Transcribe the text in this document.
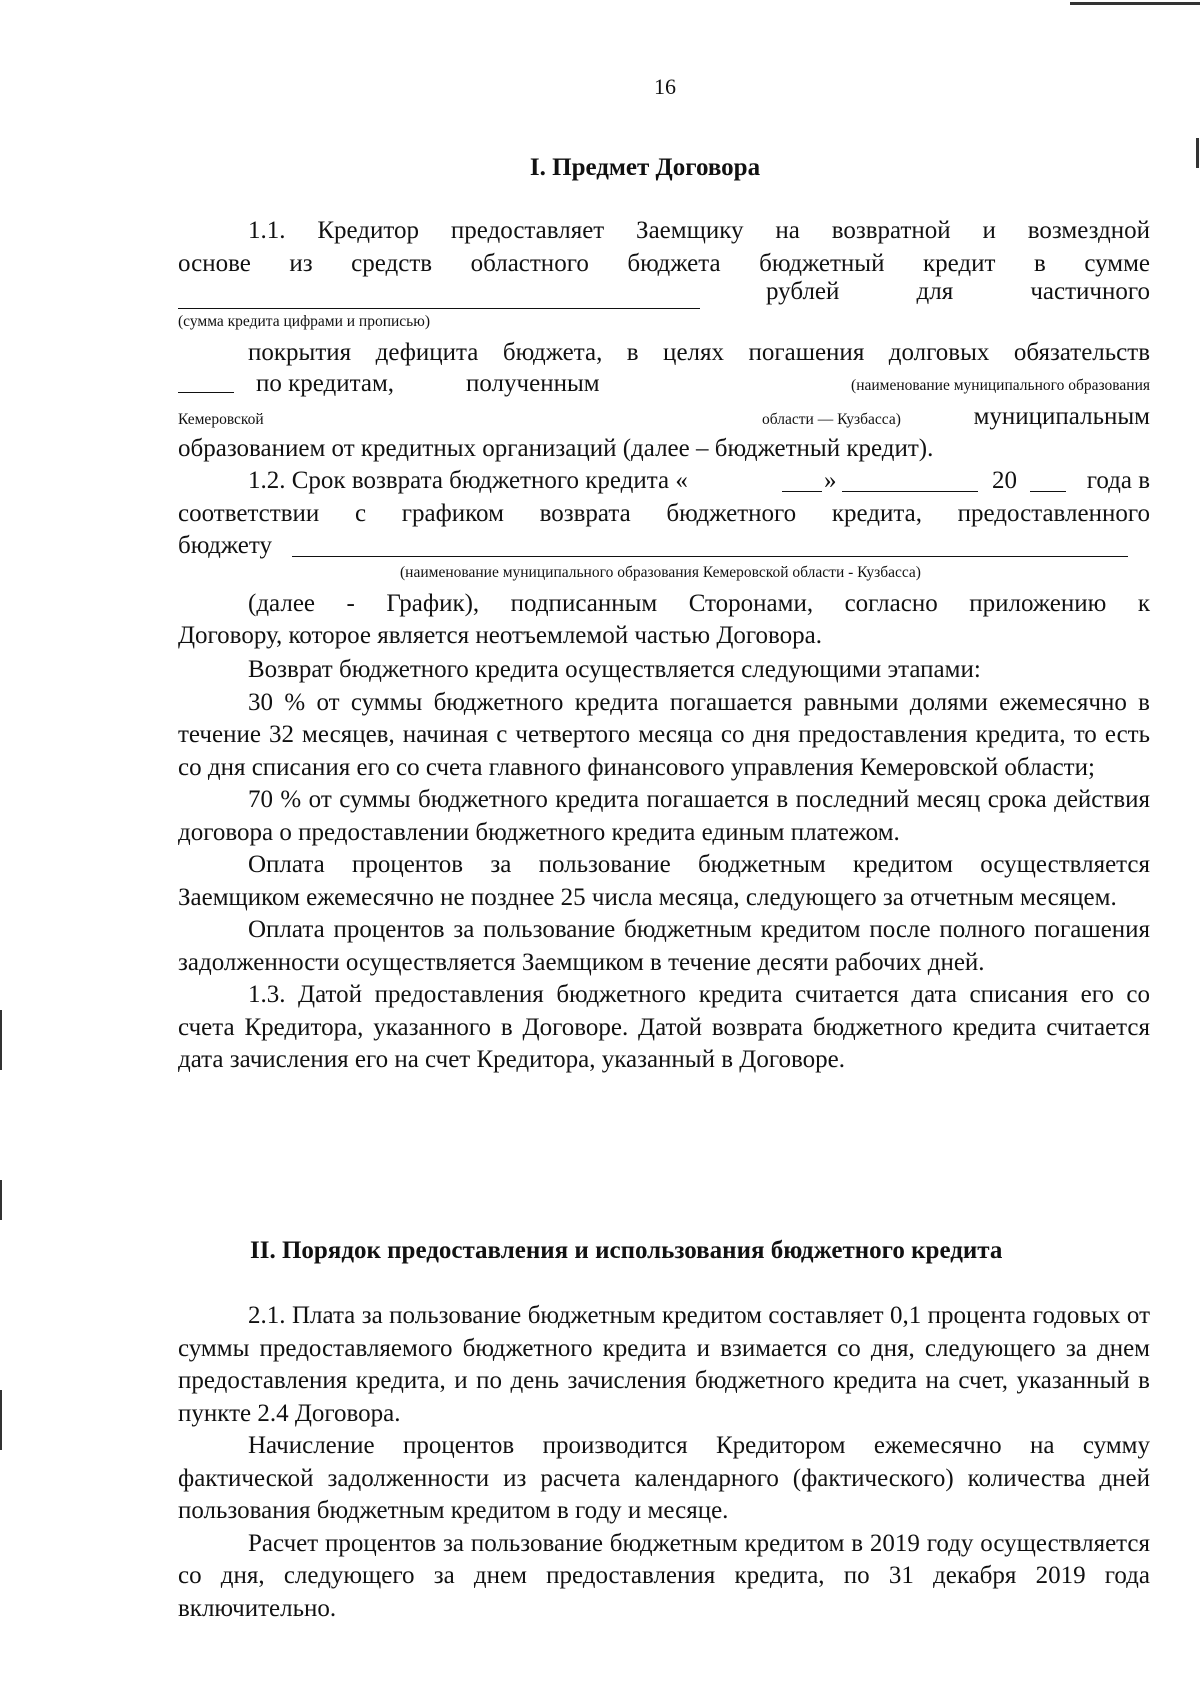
16
I. Предмет Договора
1.1. Кредитор предоставляет Заемщику на возвратной и возмездной
основе из средств областного бюджета бюджетный кредит в сумме
рублей для частичного
(сумма кредита цифрами и прописью)
покрытия дефицита бюджета, в целях погашения долговых обязательств
по кредитам,	полученным	(наименование муниципального образования
Кемеровской	области — Кузбасса)	муниципальным
образованием от кредитных организаций (далее – бюджетный кредит).
1.2. Срок возврата бюджетного кредита «	»	20	года в
соответствии с графиком возврата бюджетного кредита, предоставленного
бюджету
(наименование муниципального образования Кемеровской области - Кузбасса)
(далее - График), подписанным Сторонами, согласно приложению к
Договору, которое является неотъемлемой частью Договора.
Возврат бюджетного кредита осуществляется следующими этапами:
30 % от суммы бюджетного кредита погашается равными долями ежемесячно в течение 32 месяцев, начиная с четвертого месяца со дня предоставления кредита, то есть со дня списания его со счета главного финансового управления Кемеровской области;
70 % от суммы бюджетного кредита погашается в последний месяц срока действия договора о предоставлении бюджетного кредита единым платежом.
Оплата процентов за пользование бюджетным кредитом осуществляется Заемщиком ежемесячно не позднее 25 числа месяца, следующего за отчетным месяцем.
Оплата процентов за пользование бюджетным кредитом после полного погашения задолженности осуществляется Заемщиком в течение десяти рабочих дней.
1.3. Датой предоставления бюджетного кредита считается дата списания его со счета Кредитора, указанного в Договоре. Датой возврата бюджетного кредита считается дата зачисления его на счет Кредитора, указанный в Договоре.
II. Порядок предоставления и использования бюджетного кредита
2.1. Плата за пользование бюджетным кредитом составляет 0,1 процента годовых от суммы предоставляемого бюджетного кредита и взимается со дня, следующего за днем предоставления кредита, и по день зачисления бюджетного кредита на счет, указанный в пункте 2.4 Договора.
Начисление процентов производится Кредитором ежемесячно на сумму фактической задолженности из расчета календарного (фактического) количества дней пользования бюджетным кредитом в году и месяце.
Расчет процентов за пользование бюджетным кредитом в 2019 году осуществляется со дня, следующего за днем предоставления кредита, по 31 декабря 2019 года включительно.
